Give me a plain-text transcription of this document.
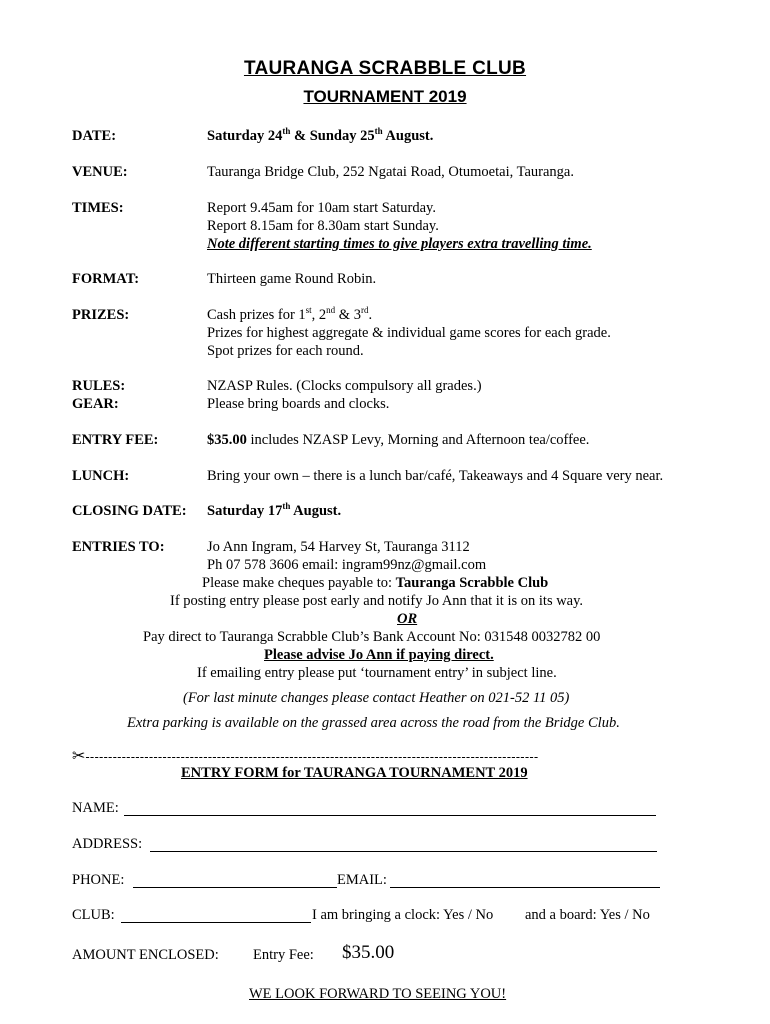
TAURANGA SCRABBLE CLUB
TOURNAMENT 2019
DATE:	Saturday 24th & Sunday 25th August.
VENUE:	Tauranga Bridge Club, 252 Ngatai Road, Otumoetai, Tauranga.
TIMES:	Report 9.45am for 10am start Saturday.
Report 8.15am for 8.30am start Sunday.
Note different starting times to give players extra travelling time.
FORMAT:	Thirteen game Round Robin.
PRIZES:	Cash prizes for 1st, 2nd & 3rd.
Prizes for highest aggregate & individual game scores for each grade.
Spot prizes for each round.
RULES:	NZASP Rules. (Clocks compulsory all grades.)
GEAR:	Please bring boards and clocks.
ENTRY FEE:	$35.00 includes NZASP Levy, Morning and Afternoon tea/coffee.
LUNCH:	Bring your own – there is a lunch bar/café, Takeaways and 4 Square very near.
CLOSING DATE: Saturday 17th August.
ENTRIES TO:	Jo Ann Ingram, 54 Harvey St, Tauranga 3112
Ph 07 578 3606 email: ingram99nz@gmail.com
Please make cheques payable to: Tauranga Scrabble Club
If posting entry please post early and notify Jo Ann that it is on its way.
OR
Pay direct to Tauranga Scrabble Club’s Bank Account No: 031548 0032782 00
Please advise Jo Ann if paying direct.
If emailing entry please put ‘tournament entry’ in subject line.
(For last minute changes please contact Heather on 021-52 11 05)
Extra parking is available on the grassed area across the road from the Bridge Club.
✂----------------------------------------------------------------------------------------------------
ENTRY FORM for TAURANGA TOURNAMENT 2019
NAME:
ADDRESS:
PHONE:	EMAIL:
CLUB:	I am bringing a clock: Yes / No and a board: Yes / No
AMOUNT ENCLOSED: Entry Fee: $35.00
WE LOOK FORWARD TO SEEING YOU!
